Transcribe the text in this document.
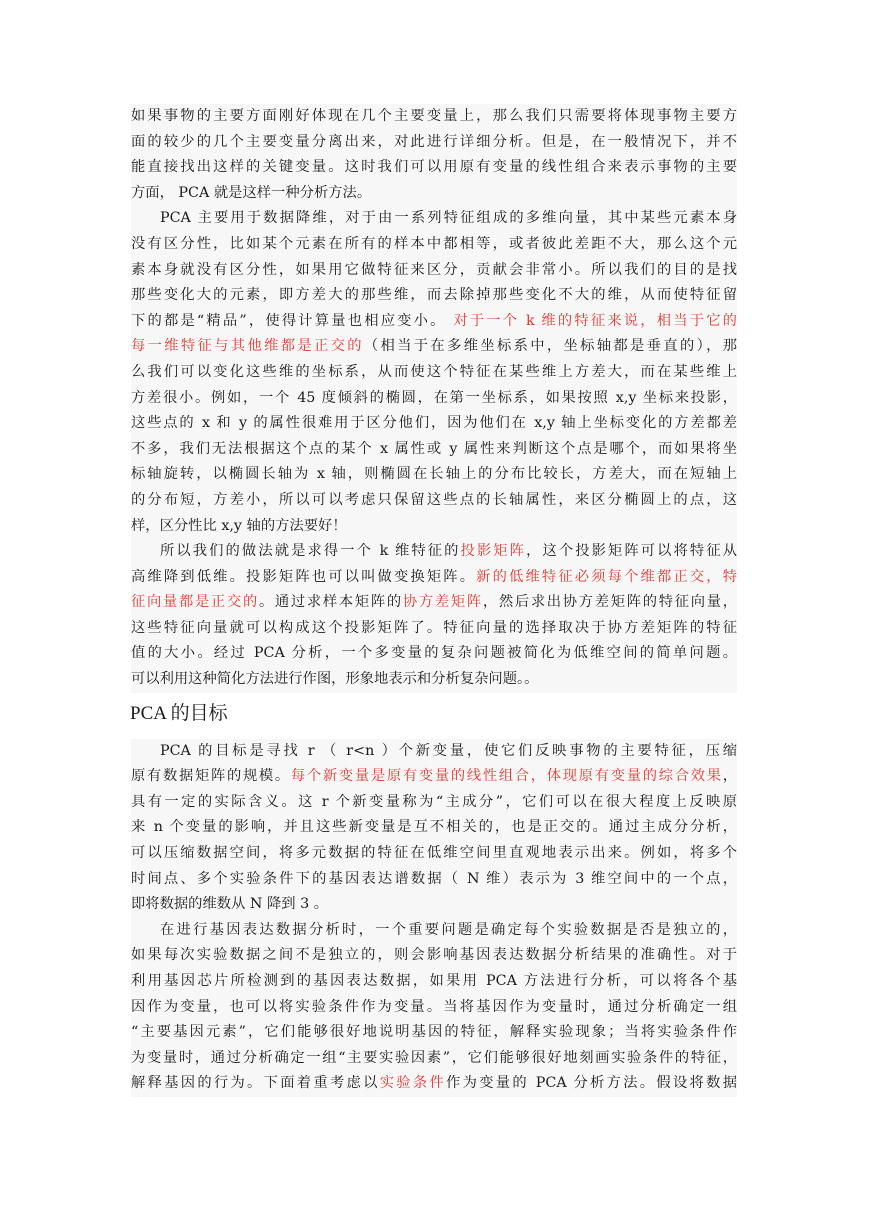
如果事物的主要方面刚好体现在几个主要变量上，那么我们只需要将体现事物主要方
面的较少的几个主要变量分离出来，对此进行详细分析。但是，在一般情况下，并不
能直接找出这样的关键变量。这时我们可以用原有变量的线性组合来表示事物的主要
方面， PCA 就是这样一种分析方法。
PCA 主要用于数据降维，对于由一系列特征组成的多维向量，其中某些元素本身
没有区分性，比如某个元素在所有的样本中都相等，或者彼此差距不大，那么这个元
素本身就没有区分性，如果用它做特征来区分，贡献会非常小。所以我们的目的是找
那些变化大的元素，即方差大的那些维，而去除掉那些变化不大的维，从而使特征留
下的都是“精品”，使得计算量也相应变小。 对于一个 k 维的特征来说，相当于它的
每一维特征与其他维都是正交的（相当于在多维坐标系中，坐标轴都是垂直的），那
么我们可以变化这些维的坐标系，从而使这个特征在某些维上方差大，而在某些维上
方差很小。例如，一个 45 度倾斜的椭圆，在第一坐标系，如果按照 x,y 坐标来投影，
这些点的 x 和 y 的属性很难用于区分他们，因为他们在 x,y 轴上坐标变化的方差都差
不多，我们无法根据这个点的某个 x 属性或 y 属性来判断这个点是哪个，而如果将坐
标轴旋转，以椭圆长轴为 x 轴，则椭圆在长轴上的分布比较长，方差大，而在短轴上
的分布短，方差小，所以可以考虑只保留这些点的长轴属性，来区分椭圆上的点，这
样，区分性比 x,y 轴的方法要好！
所以我们的做法就是求得一个 k 维特征的投影矩阵，这个投影矩阵可以将特征从
高维降到低维。投影矩阵也可以叫做变换矩阵。新的低维特征必须每个维都正交，特
征向量都是正交的。通过求样本矩阵的协方差矩阵，然后求出协方差矩阵的特征向量，
这些特征向量就可以构成这个投影矩阵了。特征向量的选择取决于协方差矩阵的特征
值的大小。经过 PCA 分析，一个多变量的复杂问题被简化为低维空间的简单问题。
可以利用这种简化方法进行作图，形象地表示和分析复杂问题。。
PCA 的目标
PCA 的目标是寻找 r （ r<n ）个新变量，使它们反映事物的主要特征，压缩
原有数据矩阵的规模。每个新变量是原有变量的线性组合，体现原有变量的综合效果，
具有一定的实际含义。这 r 个新变量称为“主成分”，它们可以在很大程度上反映原
来 n 个变量的影响，并且这些新变量是互不相关的，也是正交的。通过主成分分析，
可以压缩数据空间，将多元数据的特征在低维空间里直观地表示出来。例如，将多个
时间点、多个实验条件下的基因表达谱数据（ N 维）表示为 3 维空间中的一个点，
即将数据的维数从 N 降到 3 。
在进行基因表达数据分析时，一个重要问题是确定每个实验数据是否是独立的，
如果每次实验数据之间不是独立的，则会影响基因表达数据分析结果的准确性。对于
利用基因芯片所检测到的基因表达数据，如果用 PCA 方法进行分析，可以将各个基
因作为变量，也可以将实验条件作为变量。当将基因作为变量时，通过分析确定一组
“主要基因元素”，它们能够很好地说明基因的特征，解释实验现象；当将实验条件作
为变量时，通过分析确定一组“主要实验因素”，它们能够很好地刻画实验条件的特征，
解释基因的行为。下面着重考虑以实验条件作为变量的 PCA 分析方法。假设将数据
